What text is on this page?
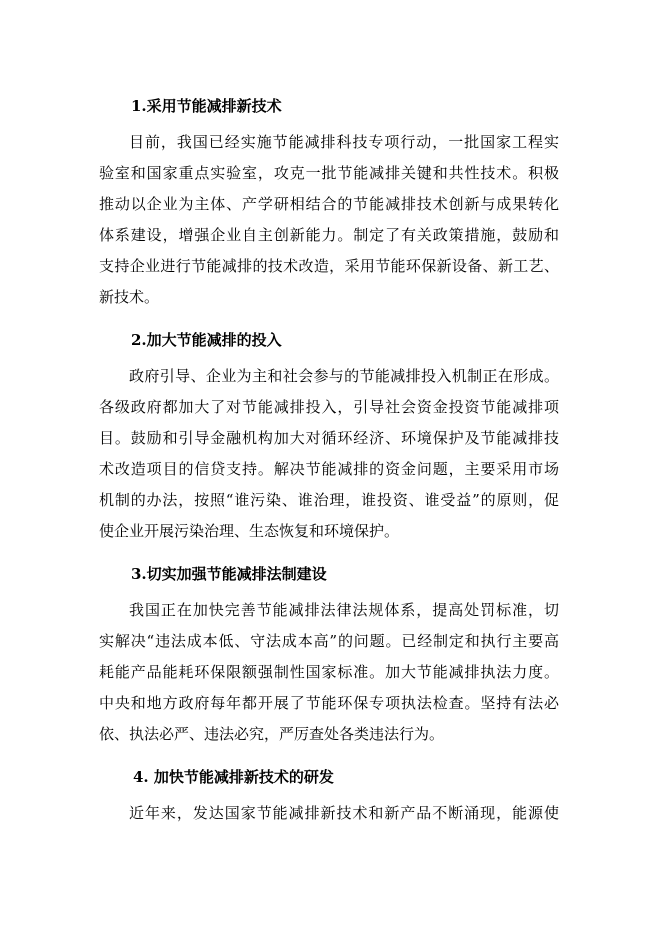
1.采用节能减排新技术
目前，我国已经实施节能减排科技专项行动，一批国家工程实
验室和国家重点实验室，攻克一批节能减排关键和共性技术。积极
推动以企业为主体、产学研相结合的节能减排技术创新与成果转化
体系建设，增强企业自主创新能力。制定了有关政策措施，鼓励和
支持企业进行节能减排的技术改造，采用节能环保新设备、新工艺、
新技术。
2.加大节能减排的投入
政府引导、企业为主和社会参与的节能减排投入机制正在形成。
各级政府都加大了对节能减排投入，引导社会资金投资节能减排项
目。鼓励和引导金融机构加大对循环经济、环境保护及节能减排技
术改造项目的信贷支持。解决节能减排的资金问题，主要采用市场
机制的办法，按照“谁污染、谁治理，谁投资、谁受益”的原则，促
使企业开展污染治理、生态恢复和环境保护。
3.切实加强节能减排法制建设
我国正在加快完善节能减排法律法规体系，提高处罚标准，切
实解决“违法成本低、守法成本高”的问题。已经制定和执行主要高
耗能产品能耗环保限额强制性国家标准。加大节能减排执法力度。
中央和地方政府每年都开展了节能环保专项执法检查。坚持有法必
依、执法必严、违法必究，严厉查处各类违法行为。
4. 加快节能减排新技术的研发
近年来，发达国家节能减排新技术和新产品不断涌现，能源使
